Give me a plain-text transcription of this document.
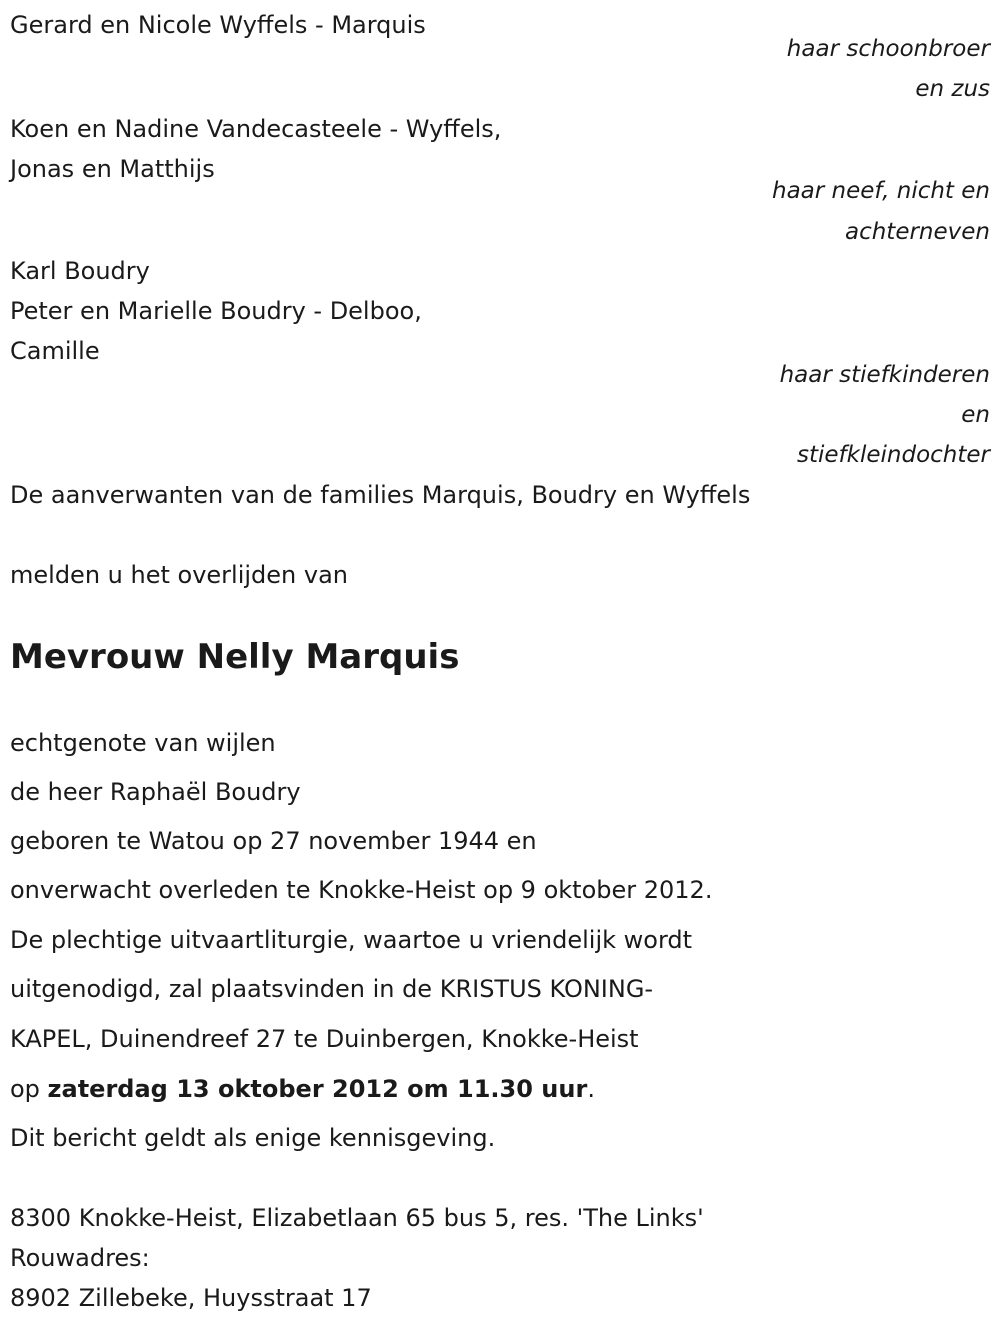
Gerard en Nicole Wyffels - Marquis
haar schoonbroer
en zus
Koen en Nadine Vandecasteele - Wyffels,
Jonas en Matthijs
haar neef, nicht en
achterneven
Karl Boudry
Peter en Marielle Boudry - Delboo,
Camille
haar stiefkinderen
en
stiefkleindochter
De aanverwanten van de families Marquis, Boudry en Wyffels
melden u het overlijden van
Mevrouw Nelly Marquis
echtgenote van wijlen
de heer Raphaël Boudry
geboren te Watou op 27 november 1944 en
onverwacht overleden te Knokke-Heist op 9 oktober 2012.
De plechtige uitvaartliturgie, waartoe u vriendelijk wordt
uitgenodigd, zal plaatsvinden in de KRISTUS KONING-
KAPEL, Duinendreef 27 te Duinbergen, Knokke-Heist
op zaterdag 13 oktober 2012 om 11.30 uur.
Dit bericht geldt als enige kennisgeving.
8300 Knokke-Heist, Elizabetlaan 65 bus 5, res. 'The Links'
Rouwadres:
8902 Zillebeke, Huysstraat 17
